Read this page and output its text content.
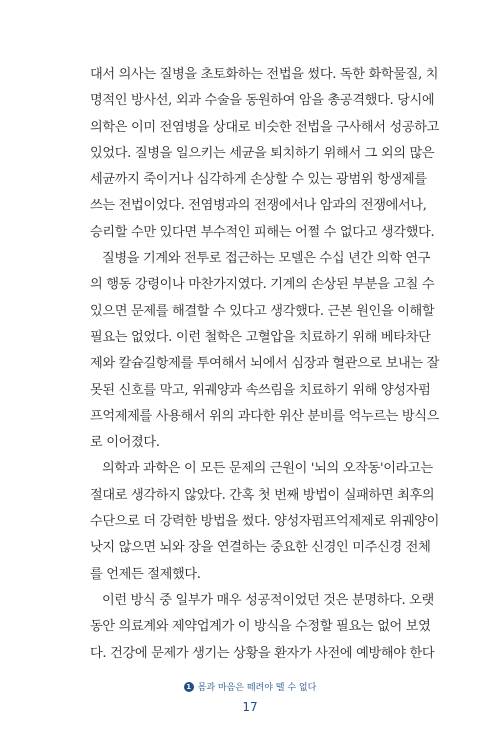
대서 의사는 질병을 초토화하는 전법을 썼다. 독한 화학물질, 치
명적인 방사선, 외과 수술을 동원하여 암을 총공격했다. 당시에
의학은 이미 전염병을 상대로 비슷한 전법을 구사해서 성공하고
있었다. 질병을 일으키는 세균을 퇴치하기 위해서 그 외의 많은
세균까지 죽이거나 심각하게 손상할 수 있는 광범위 항생제를
쓰는 전법이었다. 전염병과의 전쟁에서나 암과의 전쟁에서나,
승리할 수만 있다면 부수적인 피해는 어쩔 수 없다고 생각했다.
질병을 기계와 전투로 접근하는 모델은 수십 년간 의학 연구
의 행동 강령이나 마찬가지였다. 기계의 손상된 부분을 고칠 수
있으면 문제를 해결할 수 있다고 생각했다. 근본 원인을 이해할
필요는 없었다. 이런 철학은 고혈압을 치료하기 위해 베타차단
제와 칼슘길항제를 투여해서 뇌에서 심장과 혈관으로 보내는 잘
못된 신호를 막고, 위궤양과 속쓰림을 치료하기 위해 양성자펌
프억제제를 사용해서 위의 과다한 위산 분비를 억누르는 방식으
로 이어졌다.
의학과 과학은 이 모든 문제의 근원이 '뇌의 오작동'이라고는
절대로 생각하지 않았다. 간혹 첫 번째 방법이 실패하면 최후의
수단으로 더 강력한 방법을 썼다. 양성자펌프억제제로 위궤양이
낫지 않으면 뇌와 장을 연결하는 중요한 신경인 미주신경 전체
를 언제든 절제했다.
이런 방식 중 일부가 매우 성공적이었던 것은 분명하다. 오랫
동안 의료계와 제약업계가 이 방식을 수정할 필요는 없어 보였
다. 건강에 문제가 생기는 상황을 환자가 사전에 예방해야 한다
1 몸과 마음은 떼려야 뗄 수 없다
17
